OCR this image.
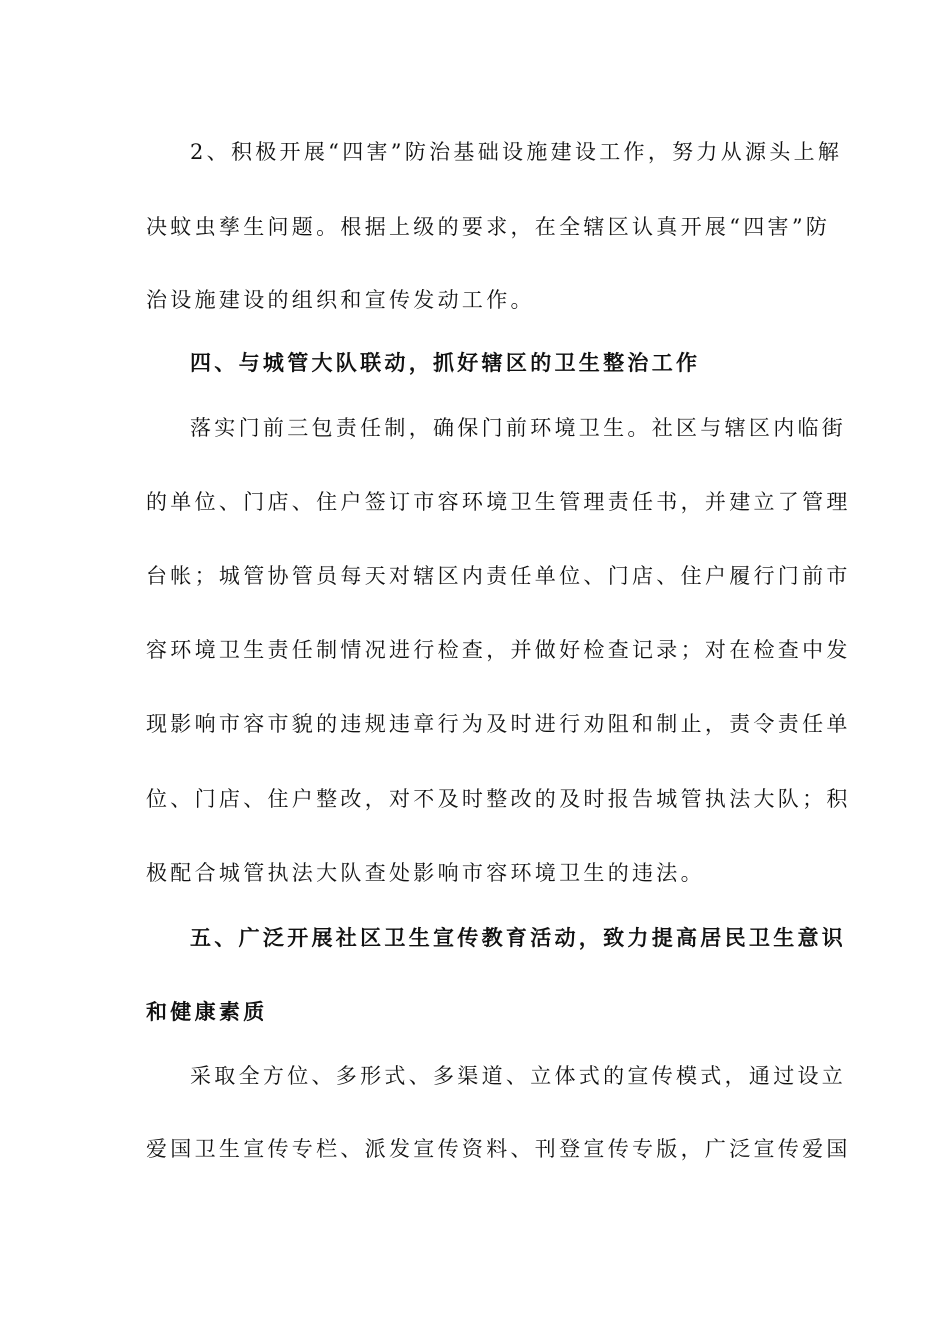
2、积极开展“四害”防治基础设施建设工作，努力从源头上解
决蚊虫孳生问题。根据上级的要求，在全辖区认真开展“四害”防
治设施建设的组织和宣传发动工作。
四、与城管大队联动，抓好辖区的卫生整治工作
落实门前三包责任制，确保门前环境卫生。社区与辖区内临街
的单位、门店、住户签订市容环境卫生管理责任书，并建立了管理
台帐；城管协管员每天对辖区内责任单位、门店、住户履行门前市
容环境卫生责任制情况进行检查，并做好检查记录；对在检查中发
现影响市容市貌的违规违章行为及时进行劝阻和制止，责令责任单
位、门店、住户整改，对不及时整改的及时报告城管执法大队；积
极配合城管执法大队查处影响市容环境卫生的违法。
五、广泛开展社区卫生宣传教育活动，致力提高居民卫生意识
和健康素质
采取全方位、多形式、多渠道、立体式的宣传模式，通过设立
爱国卫生宣传专栏、派发宣传资料、刊登宣传专版，广泛宣传爱国
